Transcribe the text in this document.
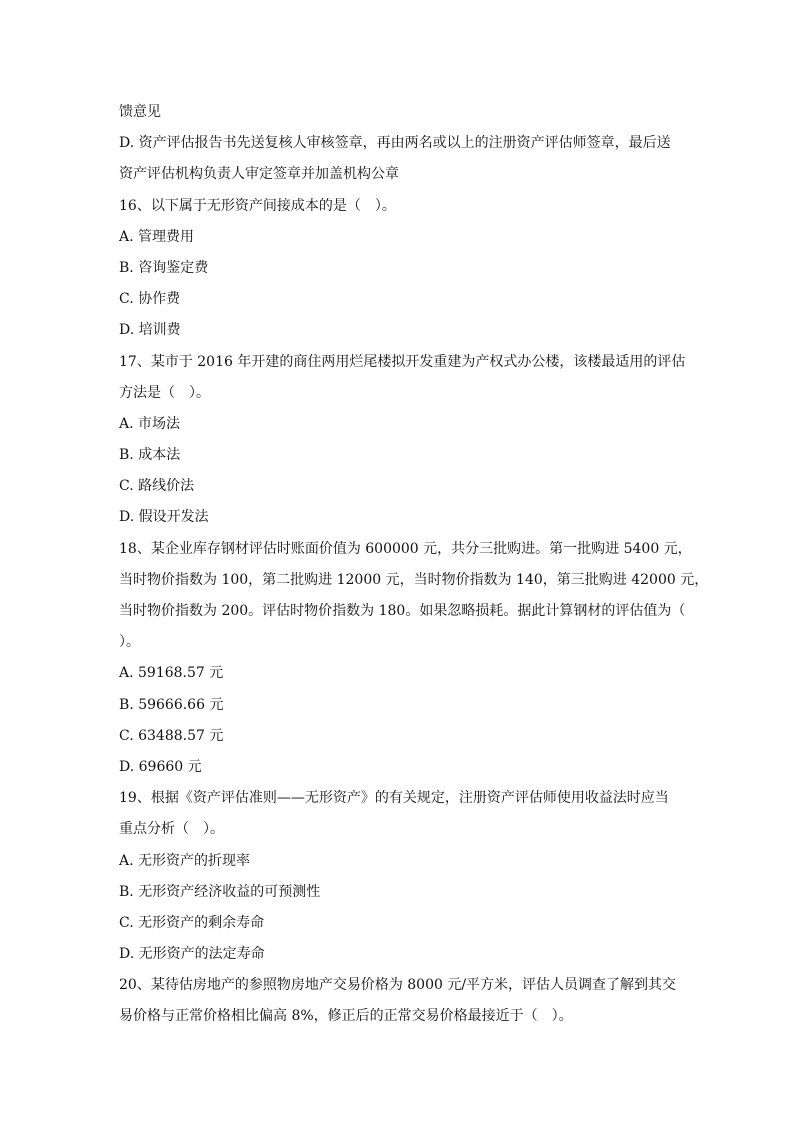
馈意见
D. 资产评估报告书先送复核人审核签章，再由两名或以上的注册资产评估师签章，最后送
资产评估机构负责人审定签章并加盖机构公章
16、以下属于无形资产间接成本的是（　）。
A. 管理费用
B. 咨询鉴定费
C. 协作费
D. 培训费
17、某市于 2016 年开建的商住两用烂尾楼拟开发重建为产权式办公楼，该楼最适用的评估
方法是（　）。
A. 市场法
B. 成本法
C. 路线价法
D. 假设开发法
18、某企业库存钢材评估时账面价值为 600000 元，共分三批购进。第一批购进 5400 元，
当时物价指数为 100，第二批购进 12000 元，当时物价指数为 140，第三批购进 42000 元，
当时物价指数为 200。评估时物价指数为 180。如果忽略损耗。据此计算钢材的评估值为（
）。
A. 59168.57 元
B. 59666.66 元
C. 63488.57 元
D. 69660 元
19、根据《资产评估准则——无形资产》的有关规定，注册资产评估师使用收益法时应当
重点分析（　）。
A. 无形资产的折现率
B. 无形资产经济收益的可预测性
C. 无形资产的剩余寿命
D. 无形资产的法定寿命
20、某待估房地产的参照物房地产交易价格为 8000 元/平方米，评估人员调查了解到其交
易价格与正常价格相比偏高 8%，修正后的正常交易价格最接近于（　）。
